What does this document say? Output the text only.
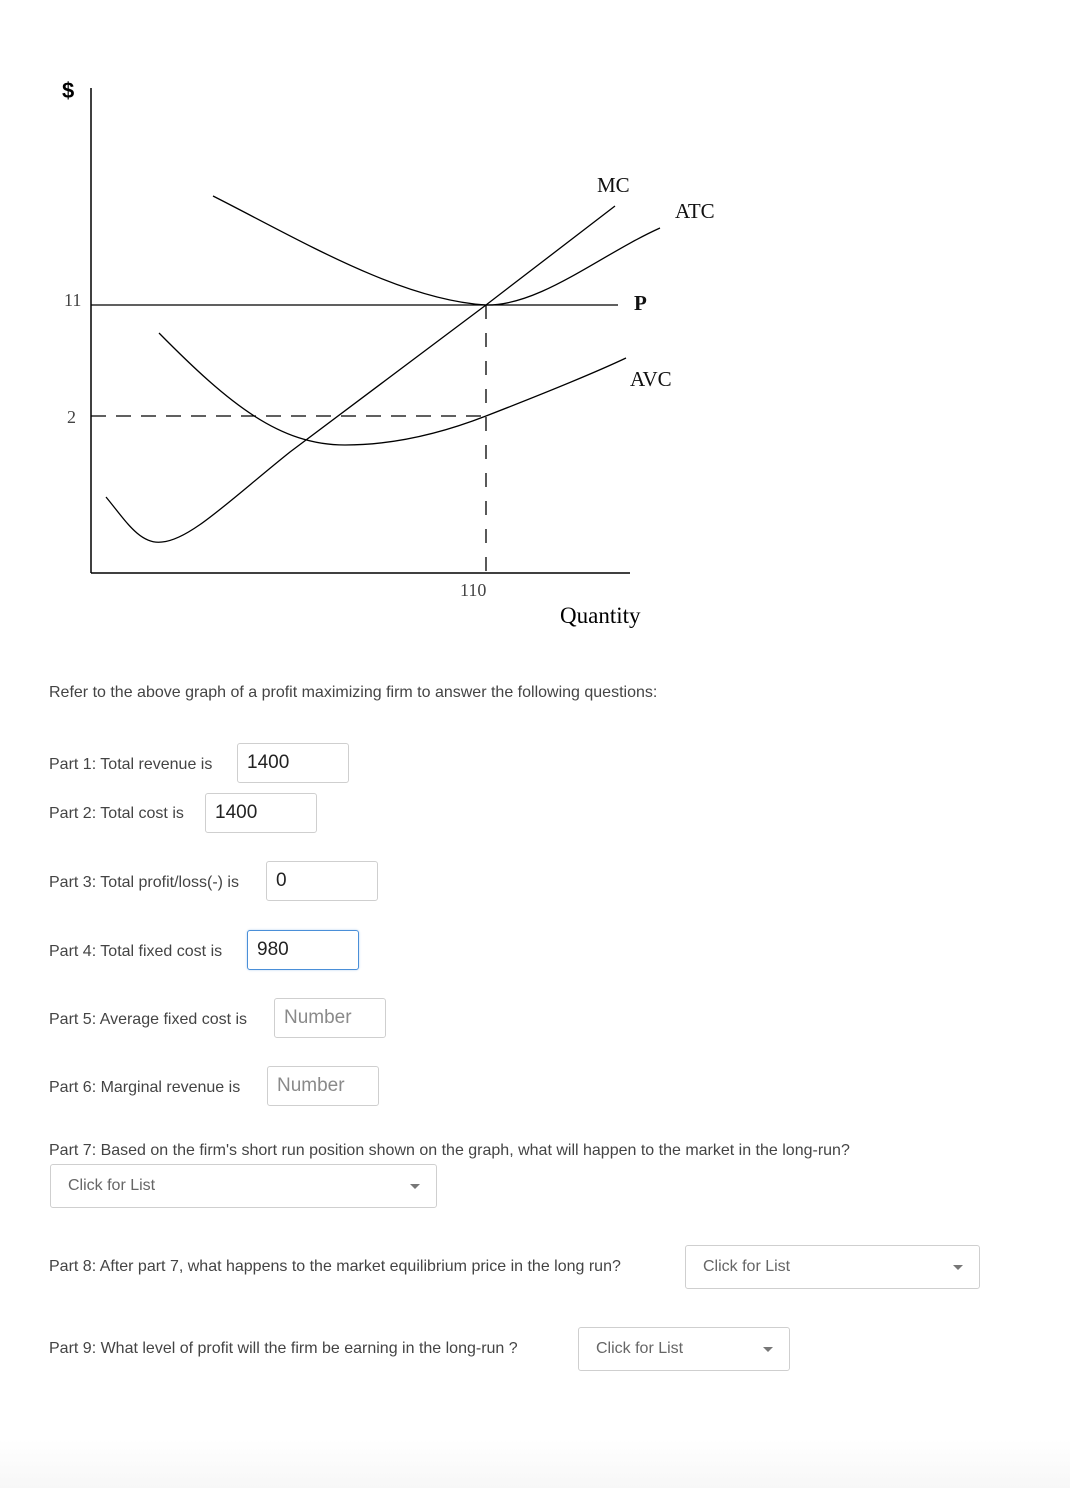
$
Quantity
11
2
110
MC
ATC
P
AVC
Refer to the above graph of a profit maximizing firm to answer the following questions:
Part 1: Total revenue is
1400
Part 2: Total cost is
1400
Part 3: Total profit/loss(-) is
0
Part 4: Total fixed cost is
980
Part 5: Average fixed cost is
Number
Part 6: Marginal revenue is
Number
Part 7: Based on the firm's short run position shown on the graph, what will happen to the market in the long-run?
Click for List
Part 8: After part 7, what happens to the market equilibrium price in the long run?	Click for List
Part 9: What level of profit will the firm be earning in the long-run ?	Click for List
